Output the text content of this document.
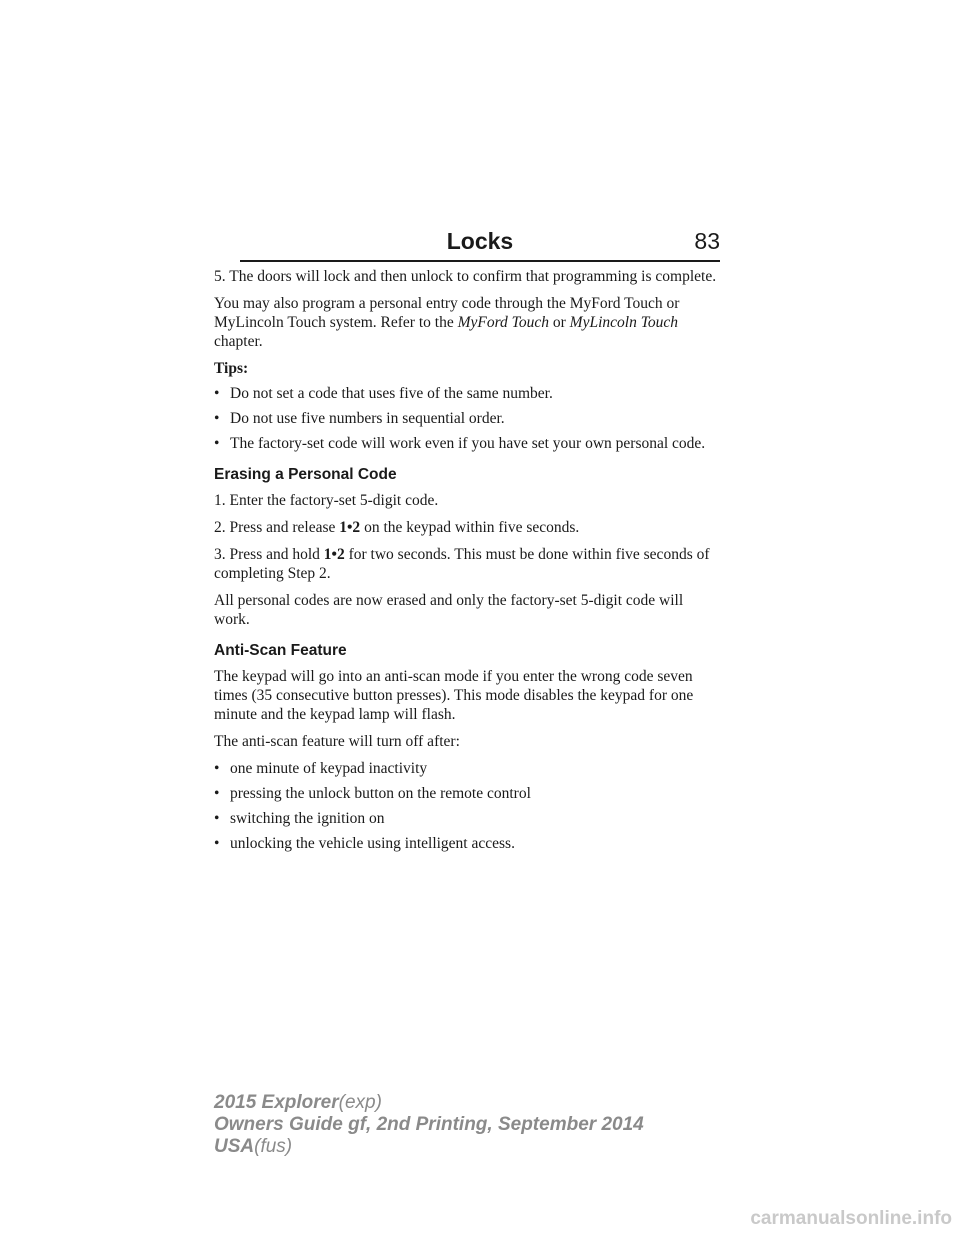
Locks	83

5. The doors will lock and then unlock to confirm that programming is complete.

You may also program a personal entry code through the MyFord Touch or MyLincoln Touch system. Refer to the MyFord Touch or MyLincoln Touch chapter.

Tips:
• Do not set a code that uses five of the same number.
• Do not use five numbers in sequential order.
• The factory-set code will work even if you have set your own personal code.
Erasing a Personal Code

1. Enter the factory-set 5-digit code.

2. Press and release 1•2 on the keypad within five seconds.

3. Press and hold 1•2 for two seconds. This must be done within five seconds of completing Step 2.

All personal codes are now erased and only the factory-set 5-digit code will work.

Anti-Scan Feature

The keypad will go into an anti-scan mode if you enter the wrong code seven times (35 consecutive button presses). This mode disables the keypad for one minute and the keypad lamp will flash.

The anti-scan feature will turn off after:

• one minute of keypad inactivity
• pressing the unlock button on the remote control
• switching the ignition on
• unlocking the vehicle using intelligent access.
2015 Explorer(exp)
Owners Guide gf, 2nd Printing, September 2014
USA(fus)
carmanualsonline.info
